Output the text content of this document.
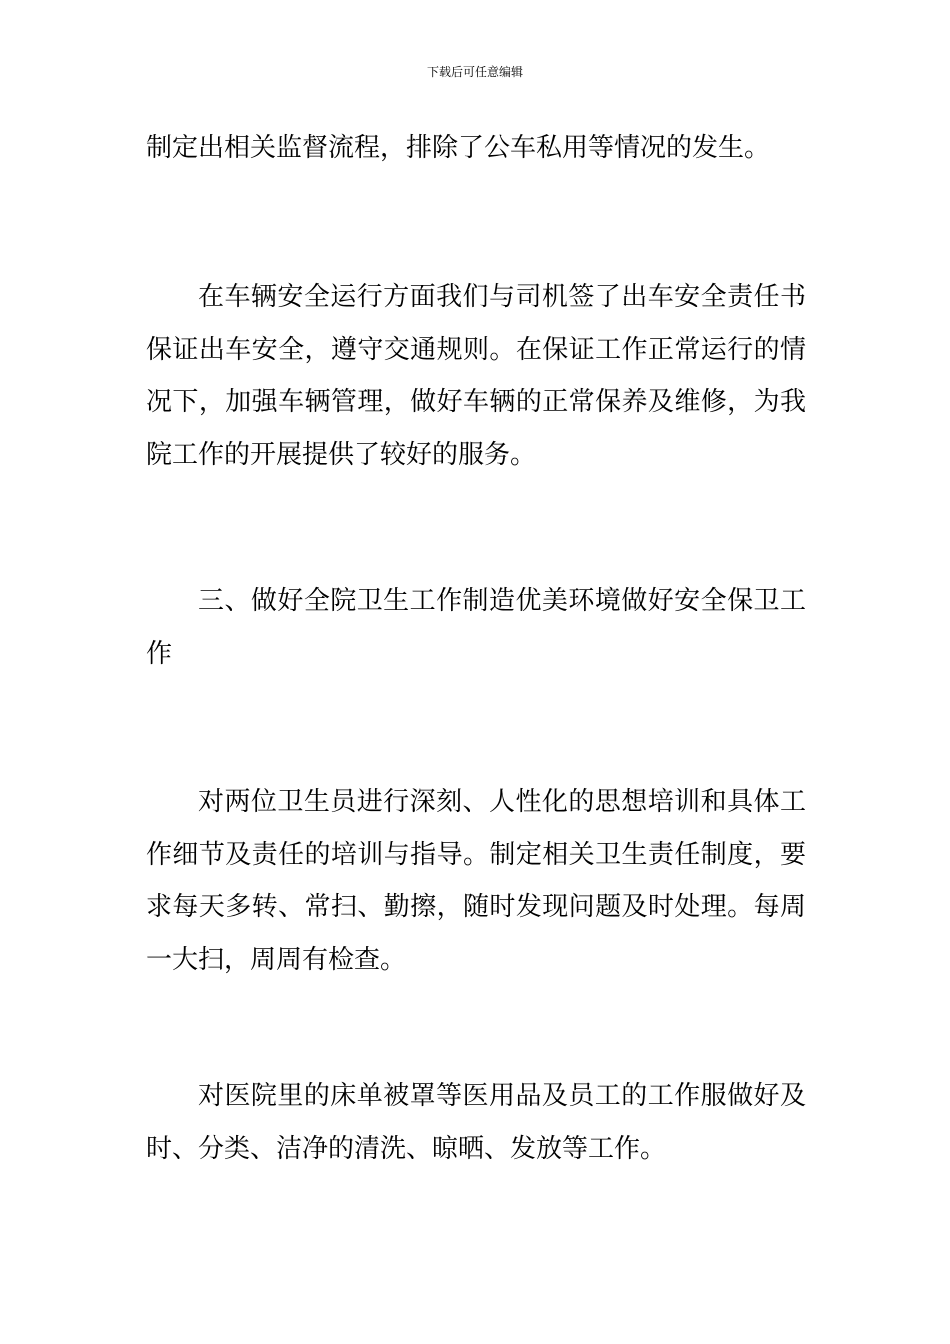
下载后可任意编辑

制定出相关监督流程，排除了公车私用等情况的发生。

在车辆安全运行方面我们与司机签了出车安全责任书保证出车安全，遵守交通规则。在保证工作正常运行的情况下，加强车辆管理，做好车辆的正常保养及维修，为我院工作的开展提供了较好的服务。

三、做好全院卫生工作制造优美环境做好安全保卫工作

对两位卫生员进行深刻、人性化的思想培训和具体工作细节及责任的培训与指导。制定相关卫生责任制度，要求每天多转、常扫、勤擦，随时发现问题及时处理。每周一大扫，周周有检查。

对医院里的床单被罩等医用品及员工的工作服做好及时、分类、洁净的清洗、晾晒、发放等工作。
